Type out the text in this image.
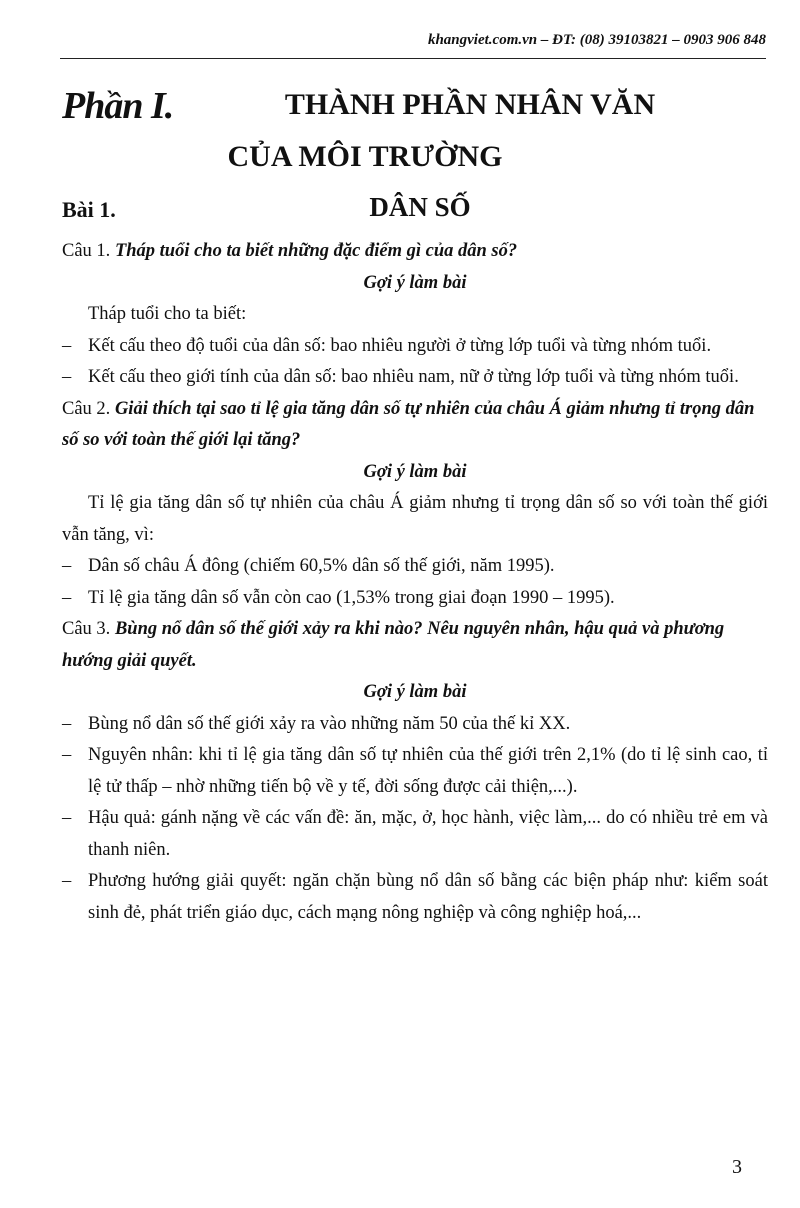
khangviet.com.vn – ĐT: (08) 39103821 – 0903 906 848
Phần I.	THÀNH PHẦN NHÂN VĂN
CỦA MÔI TRƯỜNG
Bài 1.	DÂN SỐ

Câu 1. Tháp tuổi cho ta biết những đặc điểm gì của dân số?

Gợi ý làm bài

Tháp tuổi cho ta biết:

– Kết cấu theo độ tuổi của dân số: bao nhiêu người ở từng lớp tuổi và từng nhóm tuổi.

– Kết cấu theo giới tính của dân số: bao nhiêu nam, nữ ở từng lớp tuổi và từng nhóm tuổi.

Câu 2. Giải thích tại sao tỉ lệ gia tăng dân số tự nhiên của châu Á giảm nhưng tỉ trọng dân số so với toàn thế giới lại tăng?

Gợi ý làm bài

Tỉ lệ gia tăng dân số tự nhiên của châu Á giảm nhưng tỉ trọng dân số so với toàn thế giới vẫn tăng, vì:

– Dân số châu Á đông (chiếm 60,5% dân số thế giới, năm 1995).

– Tỉ lệ gia tăng dân số vẫn còn cao (1,53% trong giai đoạn 1990 – 1995).

Câu 3. Bùng nổ dân số thế giới xảy ra khi nào? Nêu nguyên nhân, hậu quả và phương hướng giải quyết.

Gợi ý làm bài

– Bùng nổ dân số thế giới xảy ra vào những năm 50 của thế kỉ XX.

– Nguyên nhân: khi tỉ lệ gia tăng dân số tự nhiên của thế giới trên 2,1% (do tỉ lệ sinh cao, tỉ lệ tử thấp – nhờ những tiến bộ về y tế, đời sống được cải thiện,...).

– Hậu quả: gánh nặng về các vấn đề: ăn, mặc, ở, học hành, việc làm,... do có nhiều trẻ em và thanh niên.

– Phương hướng giải quyết: ngăn chặn bùng nổ dân số bằng các biện pháp như: kiểm soát sinh đẻ, phát triển giáo dục, cách mạng nông nghiệp và công nghiệp hoá,...

3
